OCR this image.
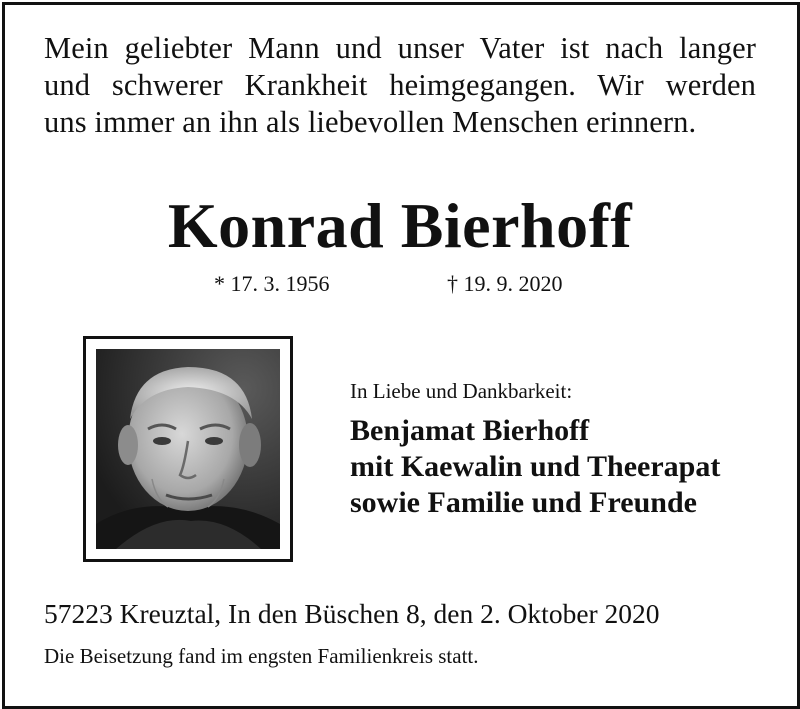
Mein geliebter Mann und unser Vater ist nach langer
und schwerer Krankheit heimgegangen. Wir werden
uns immer an ihn als liebevollen Menschen erinnern.
Konrad Bierhoff
* 17. 3. 1956	† 19. 9. 2020
In Liebe und Dankbarkeit:
Benjamat Bierhoff
mit Kaewalin und Theerapat
sowie Familie und Freunde
57223 Kreuztal, In den Büschen 8, den 2. Oktober 2020
Die Beisetzung fand im engsten Familienkreis statt.
